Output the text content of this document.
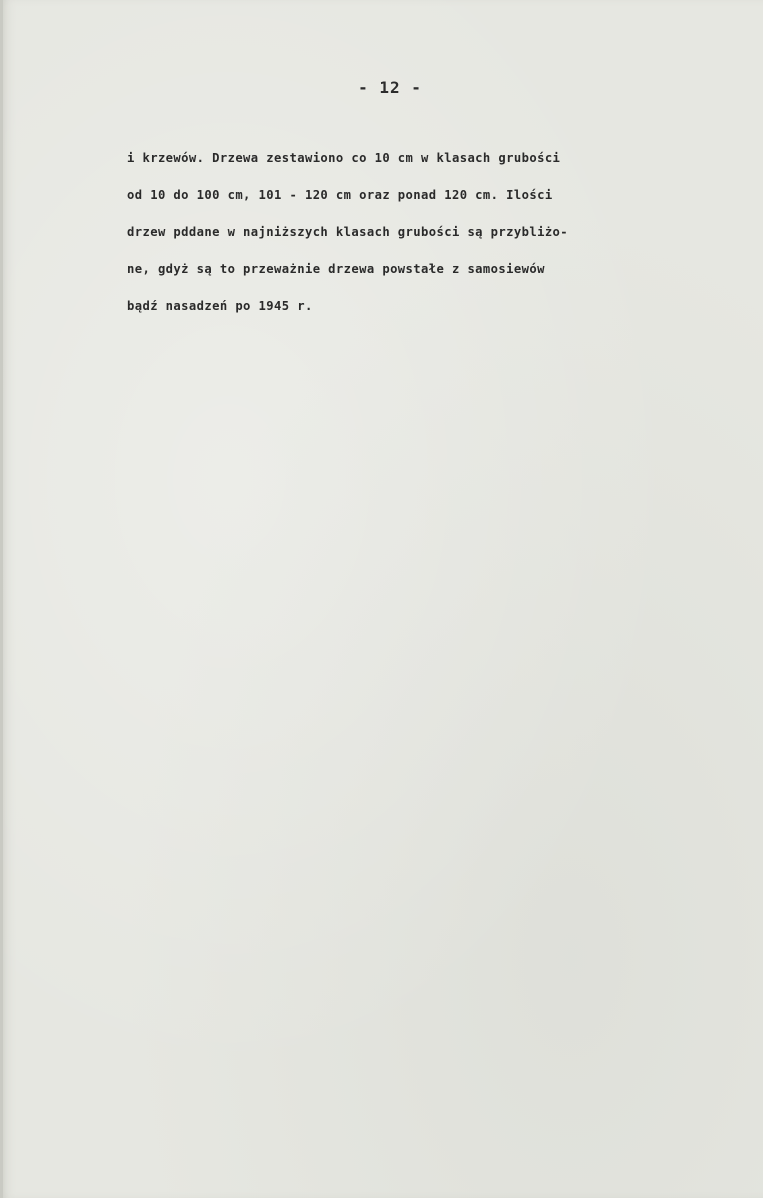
- 12 -
i krzewów. Drzewa zestawiono co 10 cm w klasach grubości
od 10 do 100 cm, 101 - 120 cm oraz ponad 120 cm. Ilości
drzew pddane w najniższych klasach grubości są przybliżo-
ne, gdyż są to przeważnie drzewa powstałe z samosiewów
bądź nasadzeń po 1945 r.
